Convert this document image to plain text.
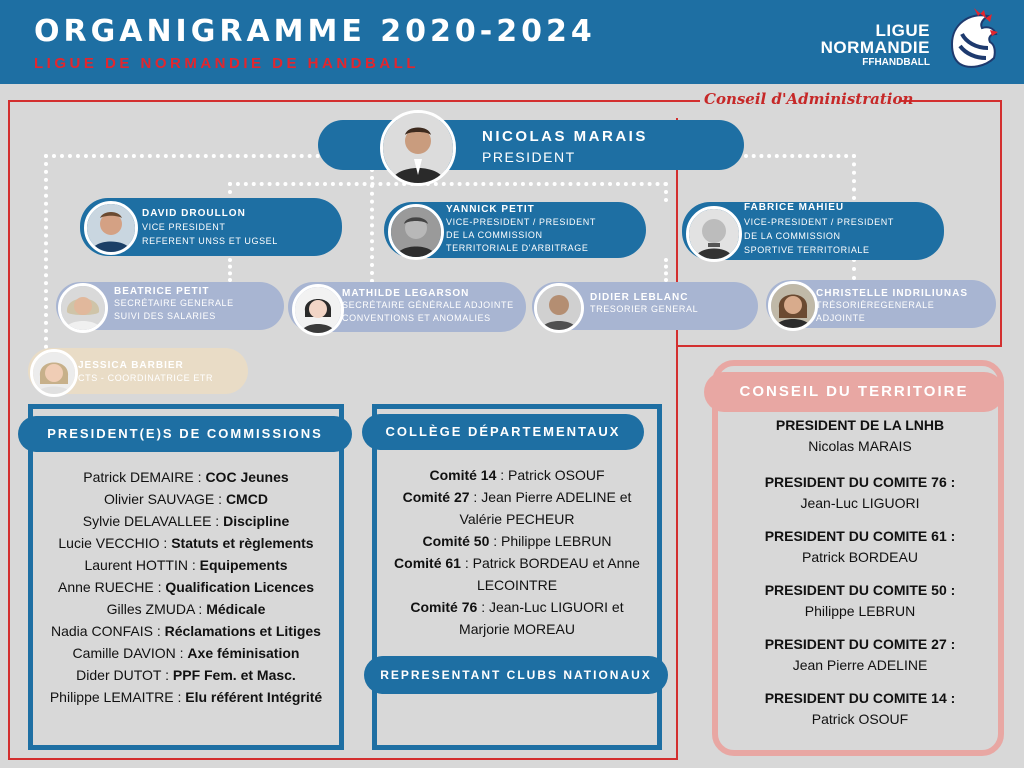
ORGANIGRAMME 2020-2024
LIGUE DE NORMANDIE DE HANDBALL
LIGUE
NORMANDIE
FFHANDBALL
Conseil d'Administration
NICOLAS MARAIS
PRESIDENT
DAVID DROULLON
VICE PRESIDENT
REFERENT UNSS ET UGSEL
YANNICK PETIT
VICE-PRESIDENT / PRESIDENT
DE LA COMMISSION
TERRITORIALE D'ARBITRAGE
FABRICE MAHIEU
VICE-PRESIDENT / PRESIDENT
DE LA COMMISSION
SPORTIVE TERRITORIALE
BEATRICE PETIT
SECRÉTAIRE GENERALE
SUIVI DES SALARIES
MATHILDE LEGARSON
SECRÉTAIRE GÉNÉRALE ADJOINTE
CONVENTIONS ET ANOMALIES
DIDIER LEBLANC
TRESORIER GENERAL
CHRISTELLE INDRILIUNAS
TRÉSORIÈREGENERALE
ADJOINTE
JESSICA BARBIER
CTS - COORDINATRICE ETR
PRESIDENT(E)S DE COMMISSIONS
Patrick DEMAIRE : COC Jeunes
Olivier SAUVAGE : CMCD
Sylvie DELAVALLEE : Discipline
Lucie VECCHIO : Statuts et règlements
Laurent HOTTIN : Equipements
Anne RUECHE : Qualification Licences
Gilles ZMUDA : Médicale
Nadia CONFAIS : Réclamations et Litiges
Camille DAVION : Axe féminisation
Dider DUTOT : PPF Fem. et Masc.
Philippe LEMAITRE : Elu référent Intégrité
COLLÈGE DÉPARTEMENTAUX
Comité 14 : Patrick OSOUF
Comité 27 : Jean Pierre ADELINE et
Valérie PECHEUR
Comité 50 : Philippe LEBRUN
Comité 61 : Patrick BORDEAU et Anne
LECOINTRE
Comité 76 : Jean-Luc LIGUORI et
Marjorie MOREAU
REPRESENTANT CLUBS NATIONAUX
CONSEIL DU TERRITOIRE
PRESIDENT DE LA LNHB
Nicolas MARAIS
PRESIDENT DU COMITE 76 :
Jean-Luc LIGUORI
PRESIDENT DU COMITE 61 :
Patrick BORDEAU
PRESIDENT DU COMITE 50 :
Philippe LEBRUN
PRESIDENT DU COMITE 27 :
Jean Pierre ADELINE
PRESIDENT DU COMITE 14 :
Patrick OSOUF
